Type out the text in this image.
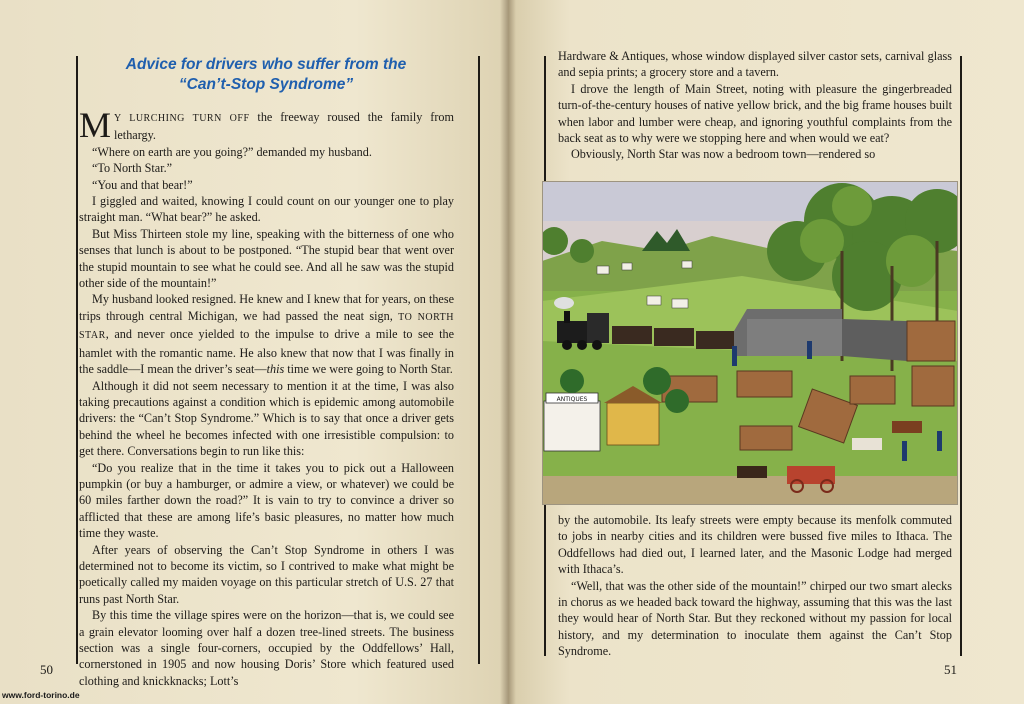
Advice for drivers who suffer from the
“Can’t-Stop Syndrome”

MY LURCHING TURN OFF the freeway roused the family from lethargy.

“Where on earth are you going?” demanded my husband.

“To North Star.”

“You and that bear!”

I giggled and waited, knowing I could count on our younger one to play straight man. “What bear?” he asked.

But Miss Thirteen stole my line, speaking with the bitterness of one who senses that lunch is about to be postponed. “The stupid bear that went over the stupid mountain to see what he could see. And all he saw was the stupid other side of the mountain!”

My husband looked resigned. He knew and I knew that for years, on these trips through central Michigan, we had passed the neat sign, TO NORTH STAR, and never once yielded to the impulse to drive a mile to see the hamlet with the romantic name. He also knew that now that I was finally in the saddle—I mean the driver’s seat—this time we were going to North Star.

Although it did not seem necessary to mention it at the time, I was also taking precautions against a condition which is epidemic among automobile drivers: the “Can’t Stop Syndrome.” Which is to say that once a driver gets behind the wheel he becomes infected with one irresistible compulsion: to get there. Conversations begin to run like this:

“Do you realize that in the time it takes you to pick out a Halloween pumpkin (or buy a hamburger, or admire a view, or whatever) we could be 60 miles farther down the road?” It is vain to try to convince a driver so afflicted that these are among life’s basic pleasures, no matter how much time they waste.

After years of observing the Can’t Stop Syndrome in others I was determined not to become its victim, so I contrived to make what might be poetically called my maiden voyage on this particular stretch of U.S. 27 that runs past North Star.

By this time the village spires were on the horizon—that is, we could see a grain elevator looming over half a dozen tree-lined streets. The business section was a single four-corners, occupied by the Oddfellows’ Hall, cornerstoned in 1905 and now housing Doris’ Store which featured used clothing and knickknacks; Lott’s

50
www.ford-torino.de

Hardware & Antiques, whose window displayed silver castor sets, carnival glass and sepia prints; a grocery store and a tavern.

I drove the length of Main Street, noting with pleasure the gingerbreaded turn-of-the-century houses of native yellow brick, and the big frame houses built when labor and lumber were cheap, and ignoring youthful complaints from the back seat as to why were we stopping here and when would we eat?

Obviously, North Star was now a bedroom town—rendered so

ANTIQUES

by the automobile. Its leafy streets were empty because its menfolk commuted to jobs in nearby cities and its children were bussed five miles to Ithaca. The Oddfellows had died out, I learned later, and the Masonic Lodge had merged with Ithaca’s.

“Well, that was the other side of the mountain!” chirped our two smart alecks in chorus as we headed back toward the highway, assuming that this was the last they would hear of North Star. But they reckoned without my passion for local history, and my determination to inoculate them against the Can’t Stop Syndrome.

51
